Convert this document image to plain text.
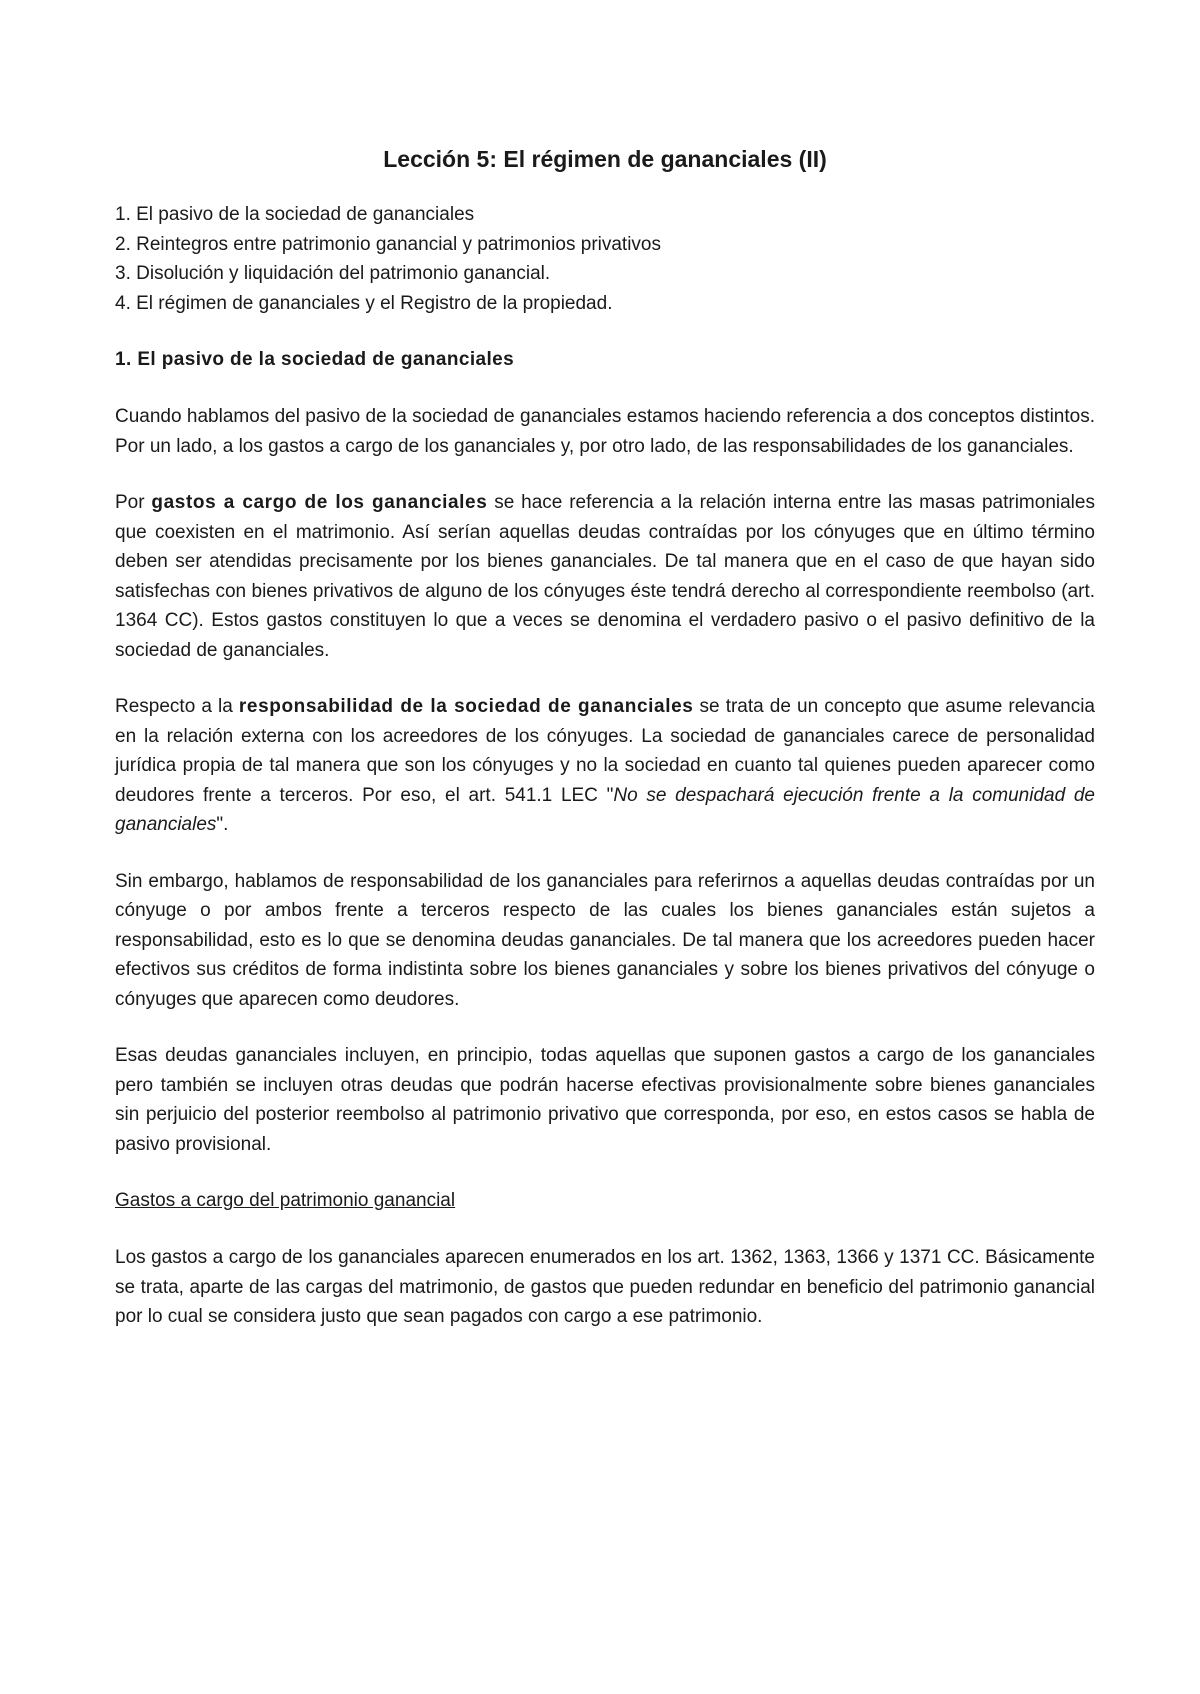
Lección 5: El régimen de gananciales (II)
1. El pasivo de la sociedad de gananciales
2. Reintegros entre patrimonio ganancial y patrimonios privativos
3. Disolución y liquidación del patrimonio ganancial.
4. El régimen de gananciales y el Registro de la propiedad.
1. El pasivo de la sociedad de gananciales

Cuando hablamos del pasivo de la sociedad de gananciales estamos haciendo referencia a dos conceptos distintos. Por un lado, a los gastos a cargo de los gananciales y, por otro lado, de las responsabilidades de los gananciales.

Por gastos a cargo de los gananciales se hace referencia a la relación interna entre las masas patrimoniales que coexisten en el matrimonio. Así serían aquellas deudas contraídas por los cónyuges que en último término deben ser atendidas precisamente por los bienes gananciales. De tal manera que en el caso de que hayan sido satisfechas con bienes privativos de alguno de los cónyuges éste tendrá derecho al correspondiente reembolso (art. 1364 CC). Estos gastos constituyen lo que a veces se denomina el verdadero pasivo o el pasivo definitivo de la sociedad de gananciales.

Respecto a la responsabilidad de la sociedad de gananciales se trata de un concepto que asume relevancia en la relación externa con los acreedores de los cónyuges. La sociedad de gananciales carece de personalidad jurídica propia de tal manera que son los cónyuges y no la sociedad en cuanto tal quienes pueden aparecer como deudores frente a terceros. Por eso, el art. 541.1 LEC "No se despachará ejecución frente a la comunidad de gananciales".

Sin embargo, hablamos de responsabilidad de los gananciales para referirnos a aquellas deudas contraídas por un cónyuge o por ambos frente a terceros respecto de las cuales los bienes gananciales están sujetos a responsabilidad, esto es lo que se denomina deudas gananciales. De tal manera que los acreedores pueden hacer efectivos sus créditos de forma indistinta sobre los bienes gananciales y sobre los bienes privativos del cónyuge o cónyuges que aparecen como deudores.

Esas deudas gananciales incluyen, en principio, todas aquellas que suponen gastos a cargo de los gananciales pero también se incluyen otras deudas que podrán hacerse efectivas provisionalmente sobre bienes gananciales sin perjuicio del posterior reembolso al patrimonio privativo que corresponda, por eso, en estos casos se habla de pasivo provisional.

Gastos a cargo del patrimonio ganancial

Los gastos a cargo de los gananciales aparecen enumerados en los art. 1362, 1363, 1366 y 1371 CC. Básicamente se trata, aparte de las cargas del matrimonio, de gastos que pueden redundar en beneficio del patrimonio ganancial por lo cual se considera justo que sean pagados con cargo a ese patrimonio.
